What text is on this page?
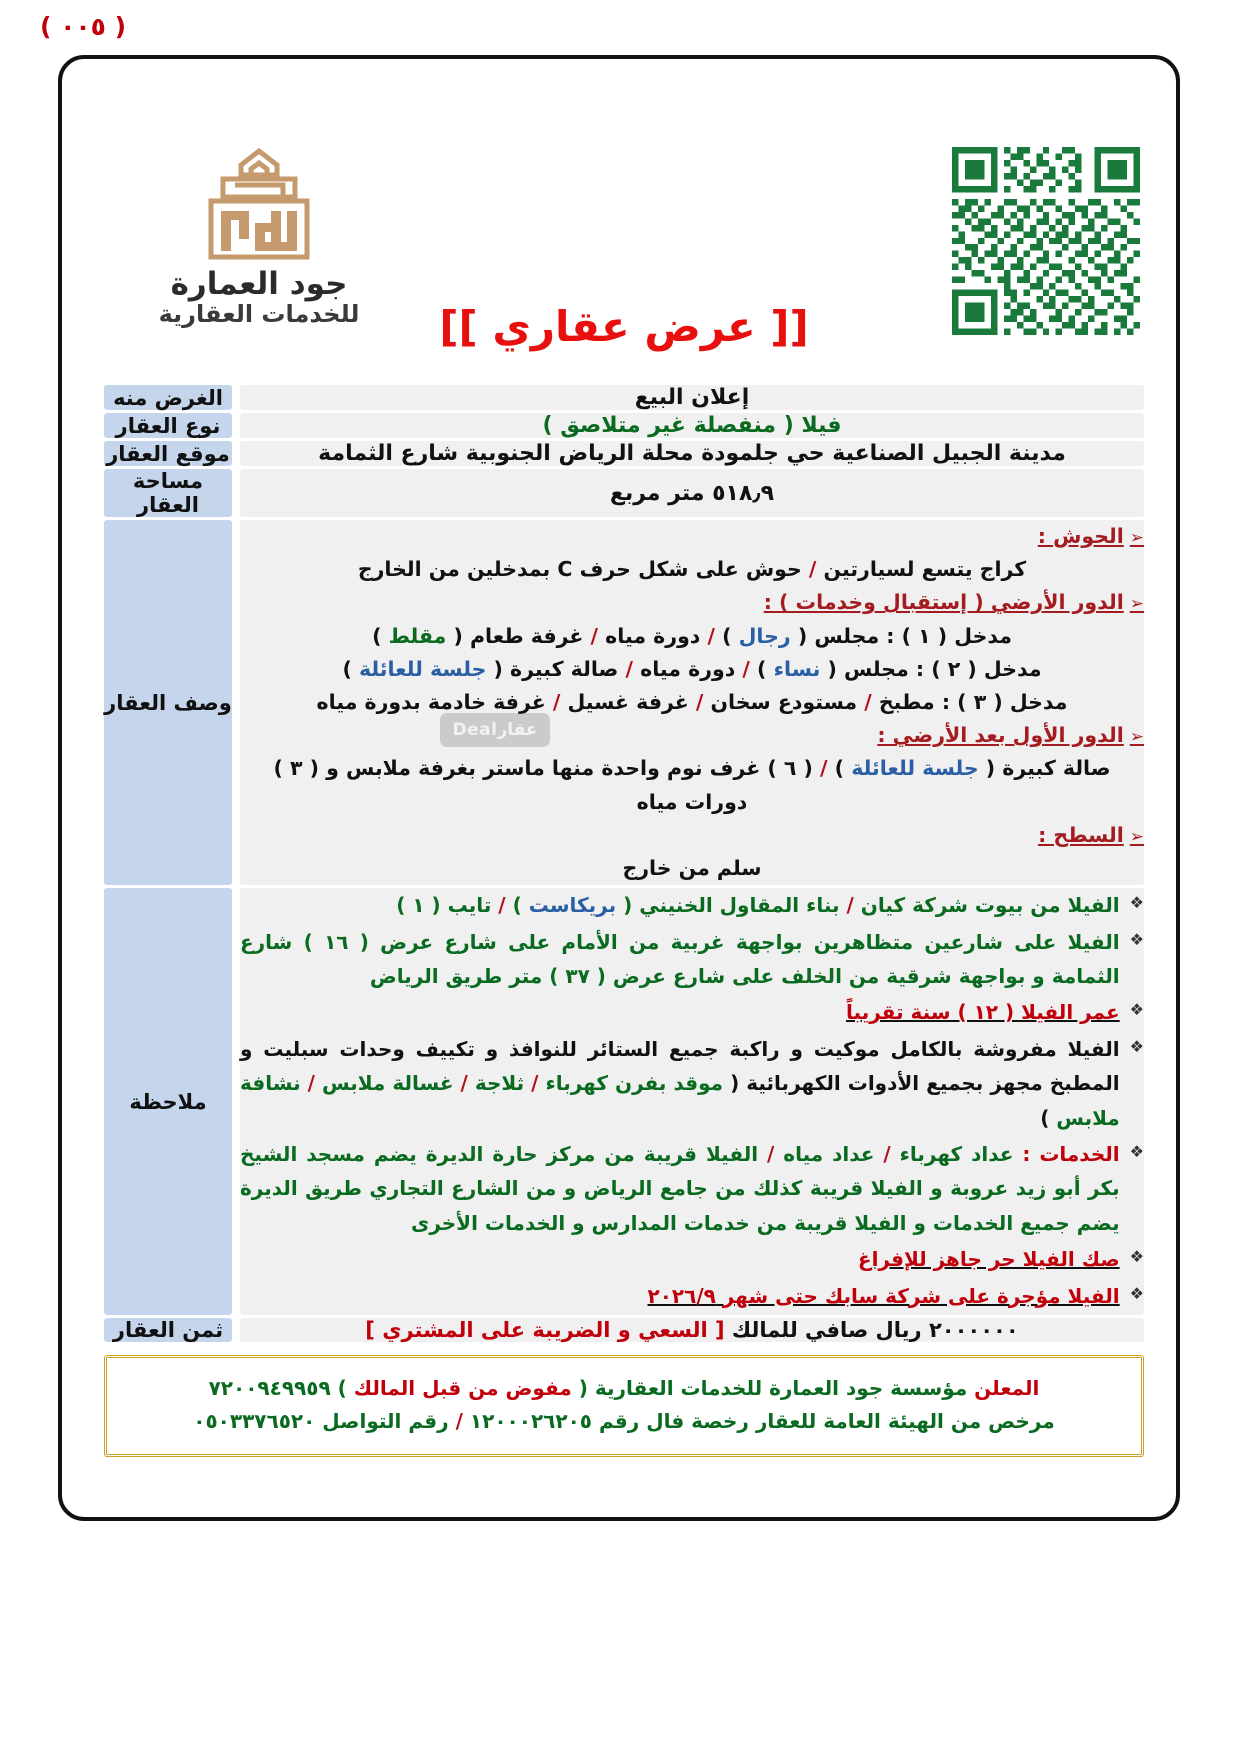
( ٠٠٥ )
جود العمارة
للخدمات العقارية	[[ عرض عقاري ]]
إعلان البيع		الغرض منه

فيلا ( منفصلة غير متلاصق )		نوع العقار

مدينة الجبيل الصناعية حي جلمودة محلة الرياض الجنوبية شارع الثمامة		موقع العقار

٥١٨٫٩ متر مربع		مساحة العقار

➢الحوش :
كراج يتسع لسيارتين / حوش على شكل حرف C بمدخلين من الخارج
➢الدور الأرضي ( إستقبال وخدمات ) :
مدخل ( ١ ) : مجلس ( رجال ) / دورة مياه / غرفة طعام ( مقلط )
مدخل ( ٢ ) : مجلس ( نساء ) / دورة مياه / صالة كبيرة ( جلسة للعائلة )
مدخل ( ٣ ) : مطبخ / مستودع سخان / غرفة غسيل / غرفة خادمة بدورة مياه
➢الدور الأول بعد الأرضي :
صالة كبيرة ( جلسة للعائلة ) / ( ٦ ) غرف نوم واحدة منها ماستر بغرفة ملابس و ( ٣ ) دورات مياه
➢السطح :
سلم من خارج
		وصف العقار

❖
الفيلا من بيوت شركة كيان / بناء المقاول الخنيني ( بريكاست ) / تايب ( ١ )
❖
الفيلا على شارعين متظاهرين بواجهة غربية من الأمام على شارع عرض ( ١٦ ) شارع الثمامة و بواجهة شرقية من الخلف على شارع عرض ( ٣٧ ) متر طريق الرياض
❖
عمر الفيلا ( ١٢ ) سنة تقريباً
❖
الفيلا مفروشة بالكامل موكيت و راكبة جميع الستائر للنوافذ و تكييف وحدات سبليت و المطبخ مجهز بجميع الأدوات الكهربائية ( موقد بفرن كهرباء / ثلاجة / غسالة ملابس / نشافة ملابس )
❖
الخدمات : عداد كهرباء / عداد مياه / الفيلا قريبة من مركز حارة الديرة يضم مسجد الشيخ بكر أبو زيد عروبة و الفيلا قريبة كذلك من جامع الرياض و من الشارع التجاري طريق الديرة يضم جميع الخدمات و الفيلا قريبة من خدمات المدارس و الخدمات الأخرى
❖
صك الفيلا حر جاهز للإفراغ
❖
الفيلا مؤجرة على شركة سابك حتى شهر ٢٠٢٦/٩
		ملاحظة

٢٠٠٠٠٠٠ ريال صافي للمالك [ السعي و الضريبة على المشتري ]		ثمن العقار
المعلن مؤسسة جود العمارة للخدمات العقارية ( مفوض من قبل المالك ) ٧٢٠٠٩٤٩٩٥٩
مرخص من الهيئة العامة للعقار رخصة فال رقم ١٢٠٠٠٢٦٢٠٥ / رقم التواصل ٠٥٠٣٣٧٦٥٢٠
عقارDeal
